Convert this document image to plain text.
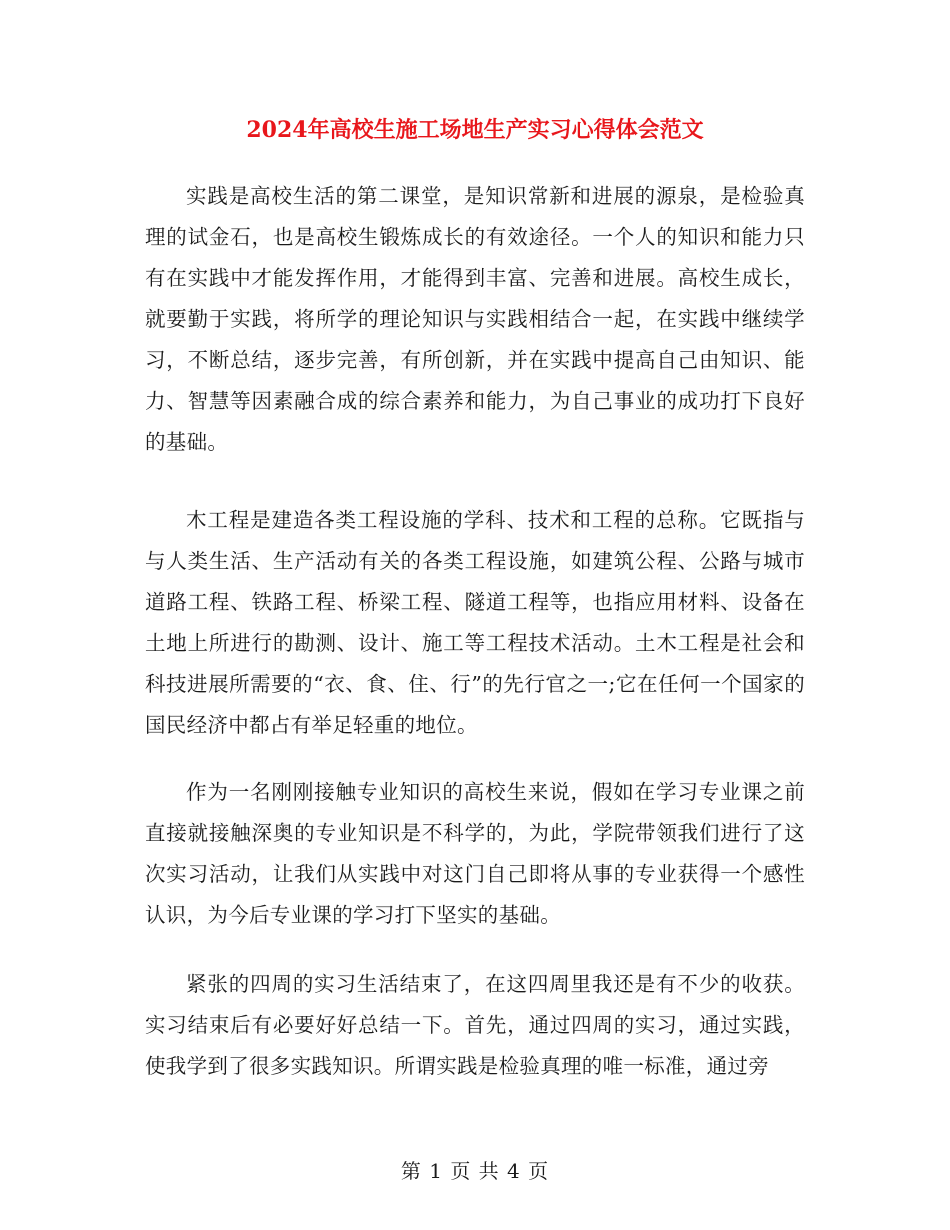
2024年高校生施工场地生产实习心得体会范文

实践是高校生活的第二课堂，是知识常新和进展的源泉，是检验真理的试金石，也是高校生锻炼成长的有效途径。一个人的知识和能力只有在实践中才能发挥作用，才能得到丰富、完善和进展。高校生成长，就要勤于实践，将所学的理论知识与实践相结合一起，在实践中继续学习，不断总结，逐步完善，有所创新，并在实践中提高自己由知识、能力、智慧等因素融合成的综合素养和能力，为自己事业的成功打下良好的基础。

木工程是建造各类工程设施的学科、技术和工程的总称。它既指与与人类生活、生产活动有关的各类工程设施，如建筑公程、公路与城市道路工程、铁路工程、桥梁工程、隧道工程等，也指应用材料、设备在土地上所进行的勘测、设计、施工等工程技术活动。土木工程是社会和科技进展所需要的“衣、食、住、行”的先行官之一;它在任何一个国家的国民经济中都占有举足轻重的地位。

作为一名刚刚接触专业知识的高校生来说，假如在学习专业课之前直接就接触深奥的专业知识是不科学的，为此，学院带领我们进行了这次实习活动，让我们从实践中对这门自己即将从事的专业获得一个感性认识，为今后专业课的学习打下坚实的基础。

紧张的四周的实习生活结束了，在这四周里我还是有不少的收获。实习结束后有必要好好总结一下。首先，通过四周的实习，通过实践，使我学到了很多实践知识。所谓实践是检验真理的唯一标准，通过旁

第 1 页 共 4 页
